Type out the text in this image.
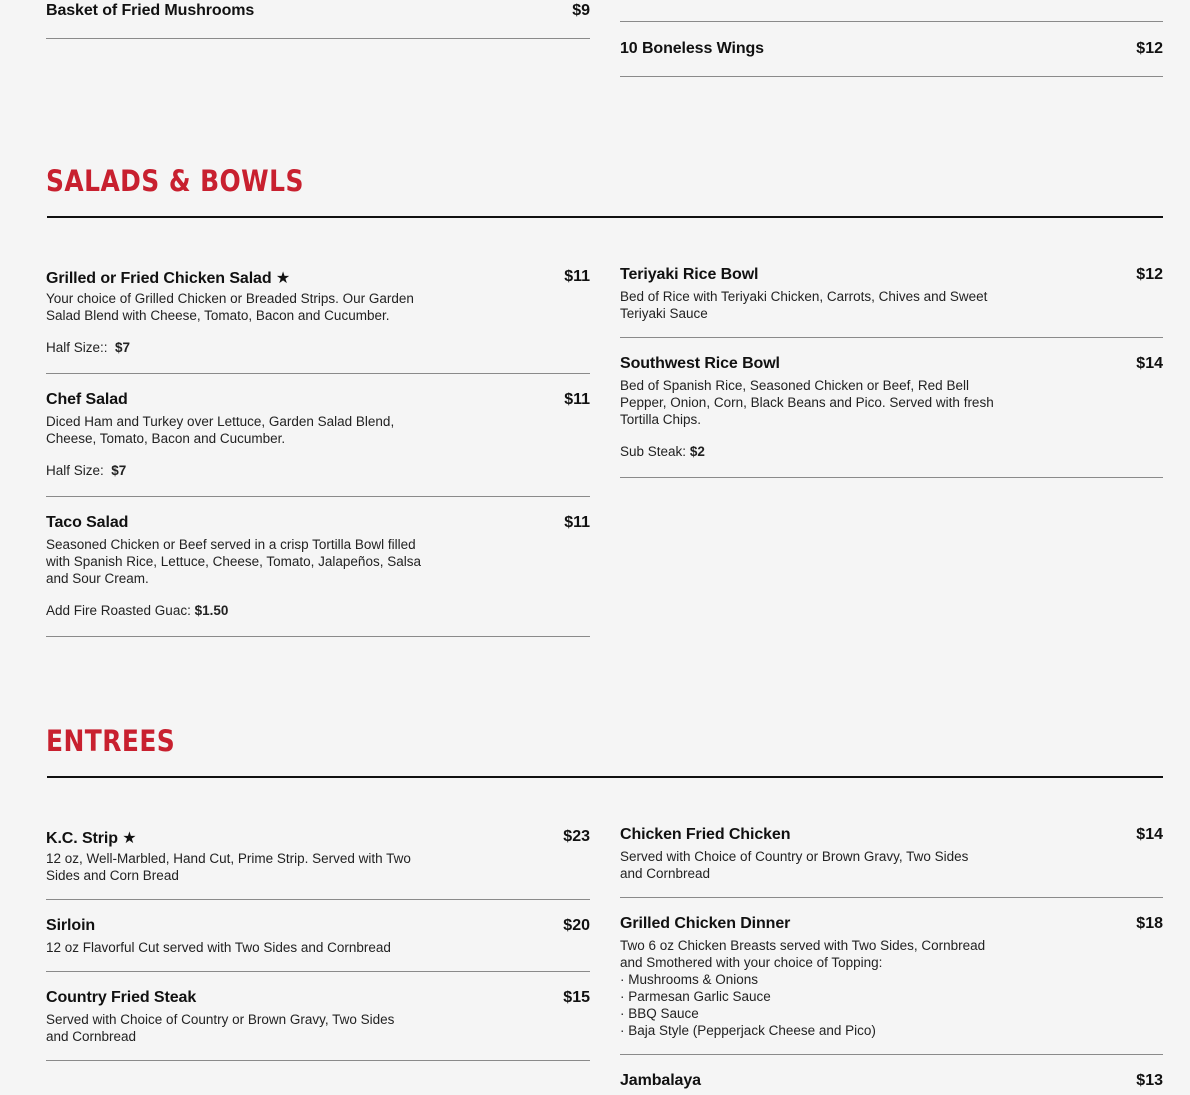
Basket of Fried Mushrooms	$9

10 Boneless Wings	$12
SALADS & BOWLS
Grilled or Fried Chicken Salad ★	$11
Your choice of Grilled Chicken or Breaded Strips. Our Garden
Salad Blend with Cheese, Tomato, Bacon and Cucumber.
Half Size:: $7
Chef Salad	$11
Diced Ham and Turkey over Lettuce, Garden Salad Blend,
Cheese, Tomato, Bacon and Cucumber.
Half Size: $7
Taco Salad	$11
Seasoned Chicken or Beef served in a crisp Tortilla Bowl filled
with Spanish Rice, Lettuce, Cheese, Tomato, Jalapeños, Salsa
and Sour Cream.
Add Fire Roasted Guac: $1.50
Teriyaki Rice Bowl	$12
Bed of Rice with Teriyaki Chicken, Carrots, Chives and Sweet
Teriyaki Sauce
Southwest Rice Bowl	$14
Bed of Spanish Rice, Seasoned Chicken or Beef, Red Bell
Pepper, Onion, Corn, Black Beans and Pico. Served with fresh
Tortilla Chips.
Sub Steak: $2
ENTREES
K.C. Strip ★	$23
12 oz, Well-Marbled, Hand Cut, Prime Strip. Served with Two
Sides and Corn Bread
Sirloin	$20
12 oz Flavorful Cut served with Two Sides and Cornbread
Country Fried Steak	$15
Served with Choice of Country or Brown Gravy, Two Sides
and Cornbread
Chicken Fried Chicken	$14
Served with Choice of Country or Brown Gravy, Two Sides
and Cornbread
Grilled Chicken Dinner	$18
Two 6 oz Chicken Breasts served with Two Sides, Cornbread
and Smothered with your choice of Topping:
· Mushrooms & Onions
· Parmesan Garlic Sauce
· BBQ Sauce
· Baja Style (Pepperjack Cheese and Pico)
Jambalaya	$13
